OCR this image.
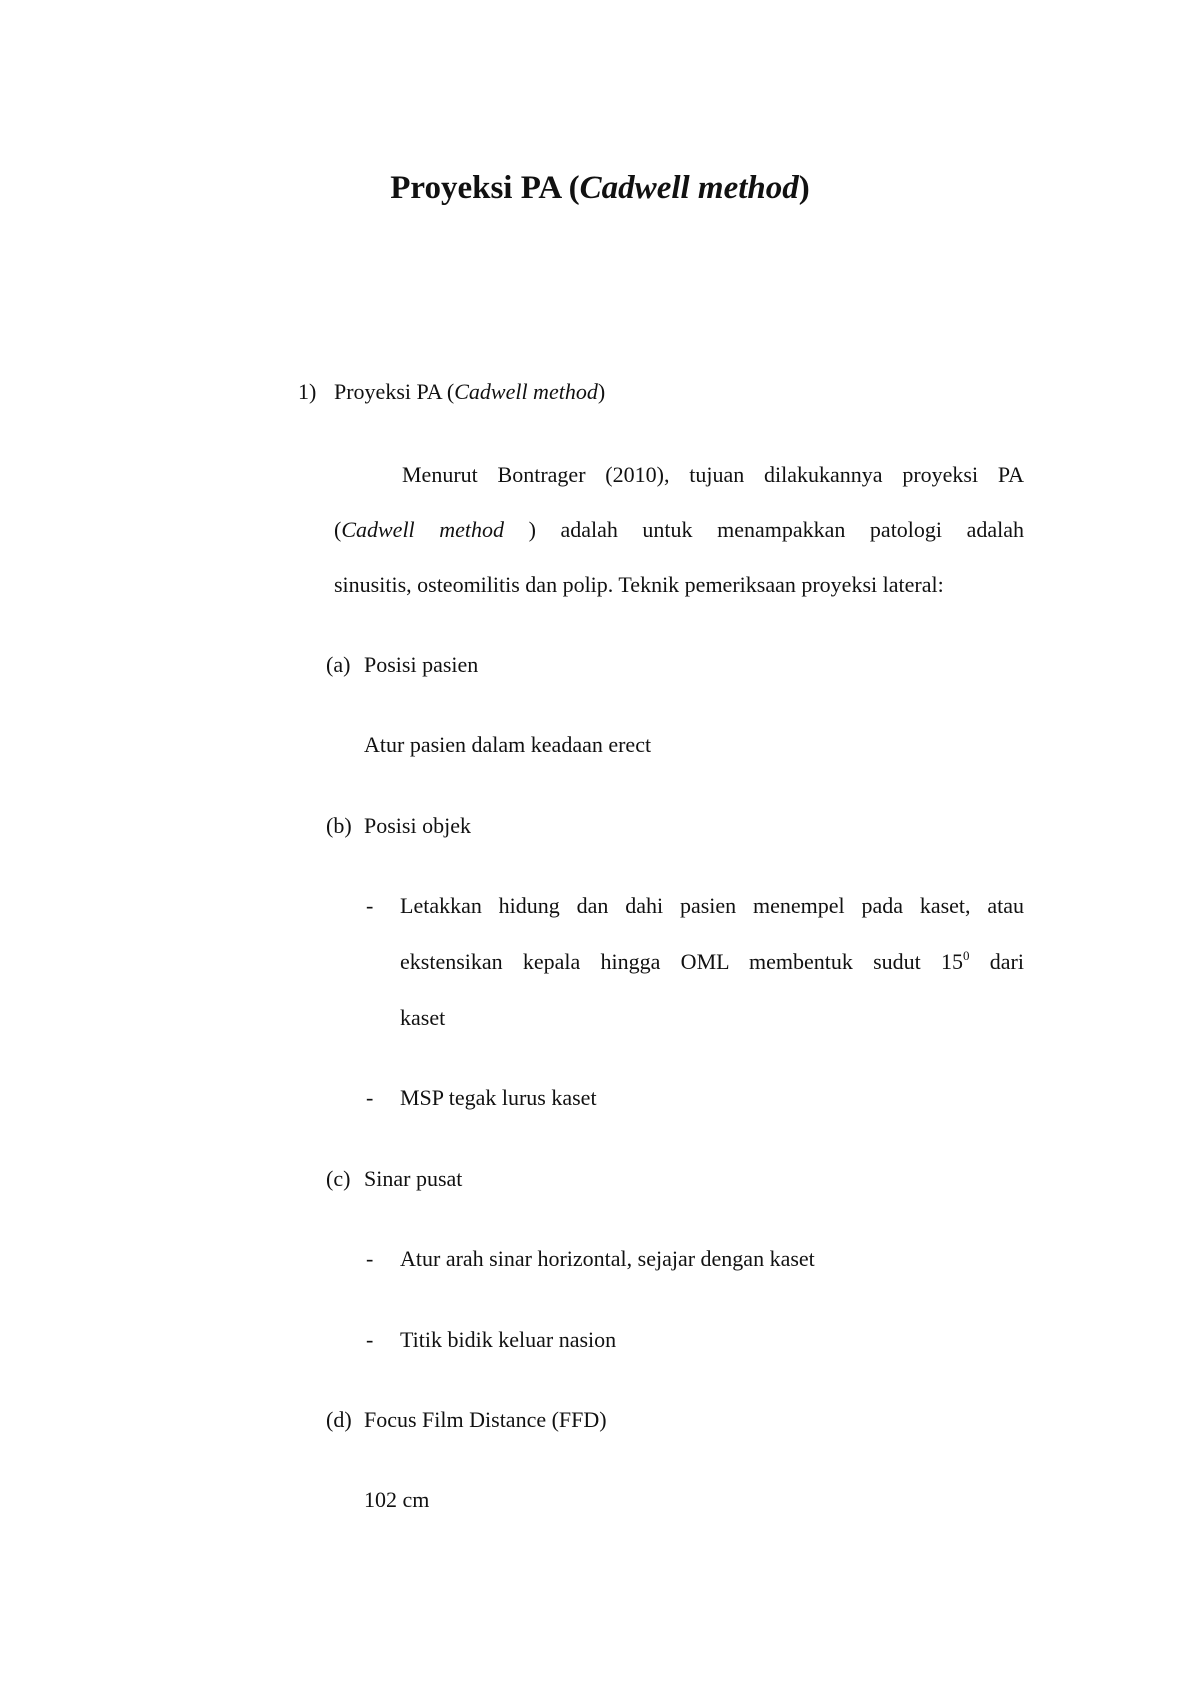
Proyeksi PA (Cadwell method)
1) Proyeksi PA (Cadwell method)
Menurut Bontrager (2010), tujuan dilakukannya proyeksi PA
(Cadwell method ) adalah untuk menampakkan patologi adalah
sinusitis, osteomilitis dan polip. Teknik pemeriksaan proyeksi lateral:
(a) Posisi pasien
Atur pasien dalam keadaan erect
(b) Posisi objek
- Letakkan hidung dan dahi pasien menempel pada kaset, atau
ekstensikan kepala hingga OML membentuk sudut $15^0$ dari
kaset
- MSP tegak lurus kaset
(c) Sinar pusat
- Atur arah sinar horizontal, sejajar dengan kaset
- Titik bidik keluar nasion
(d) Focus Film Distance (FFD)
102 cm
